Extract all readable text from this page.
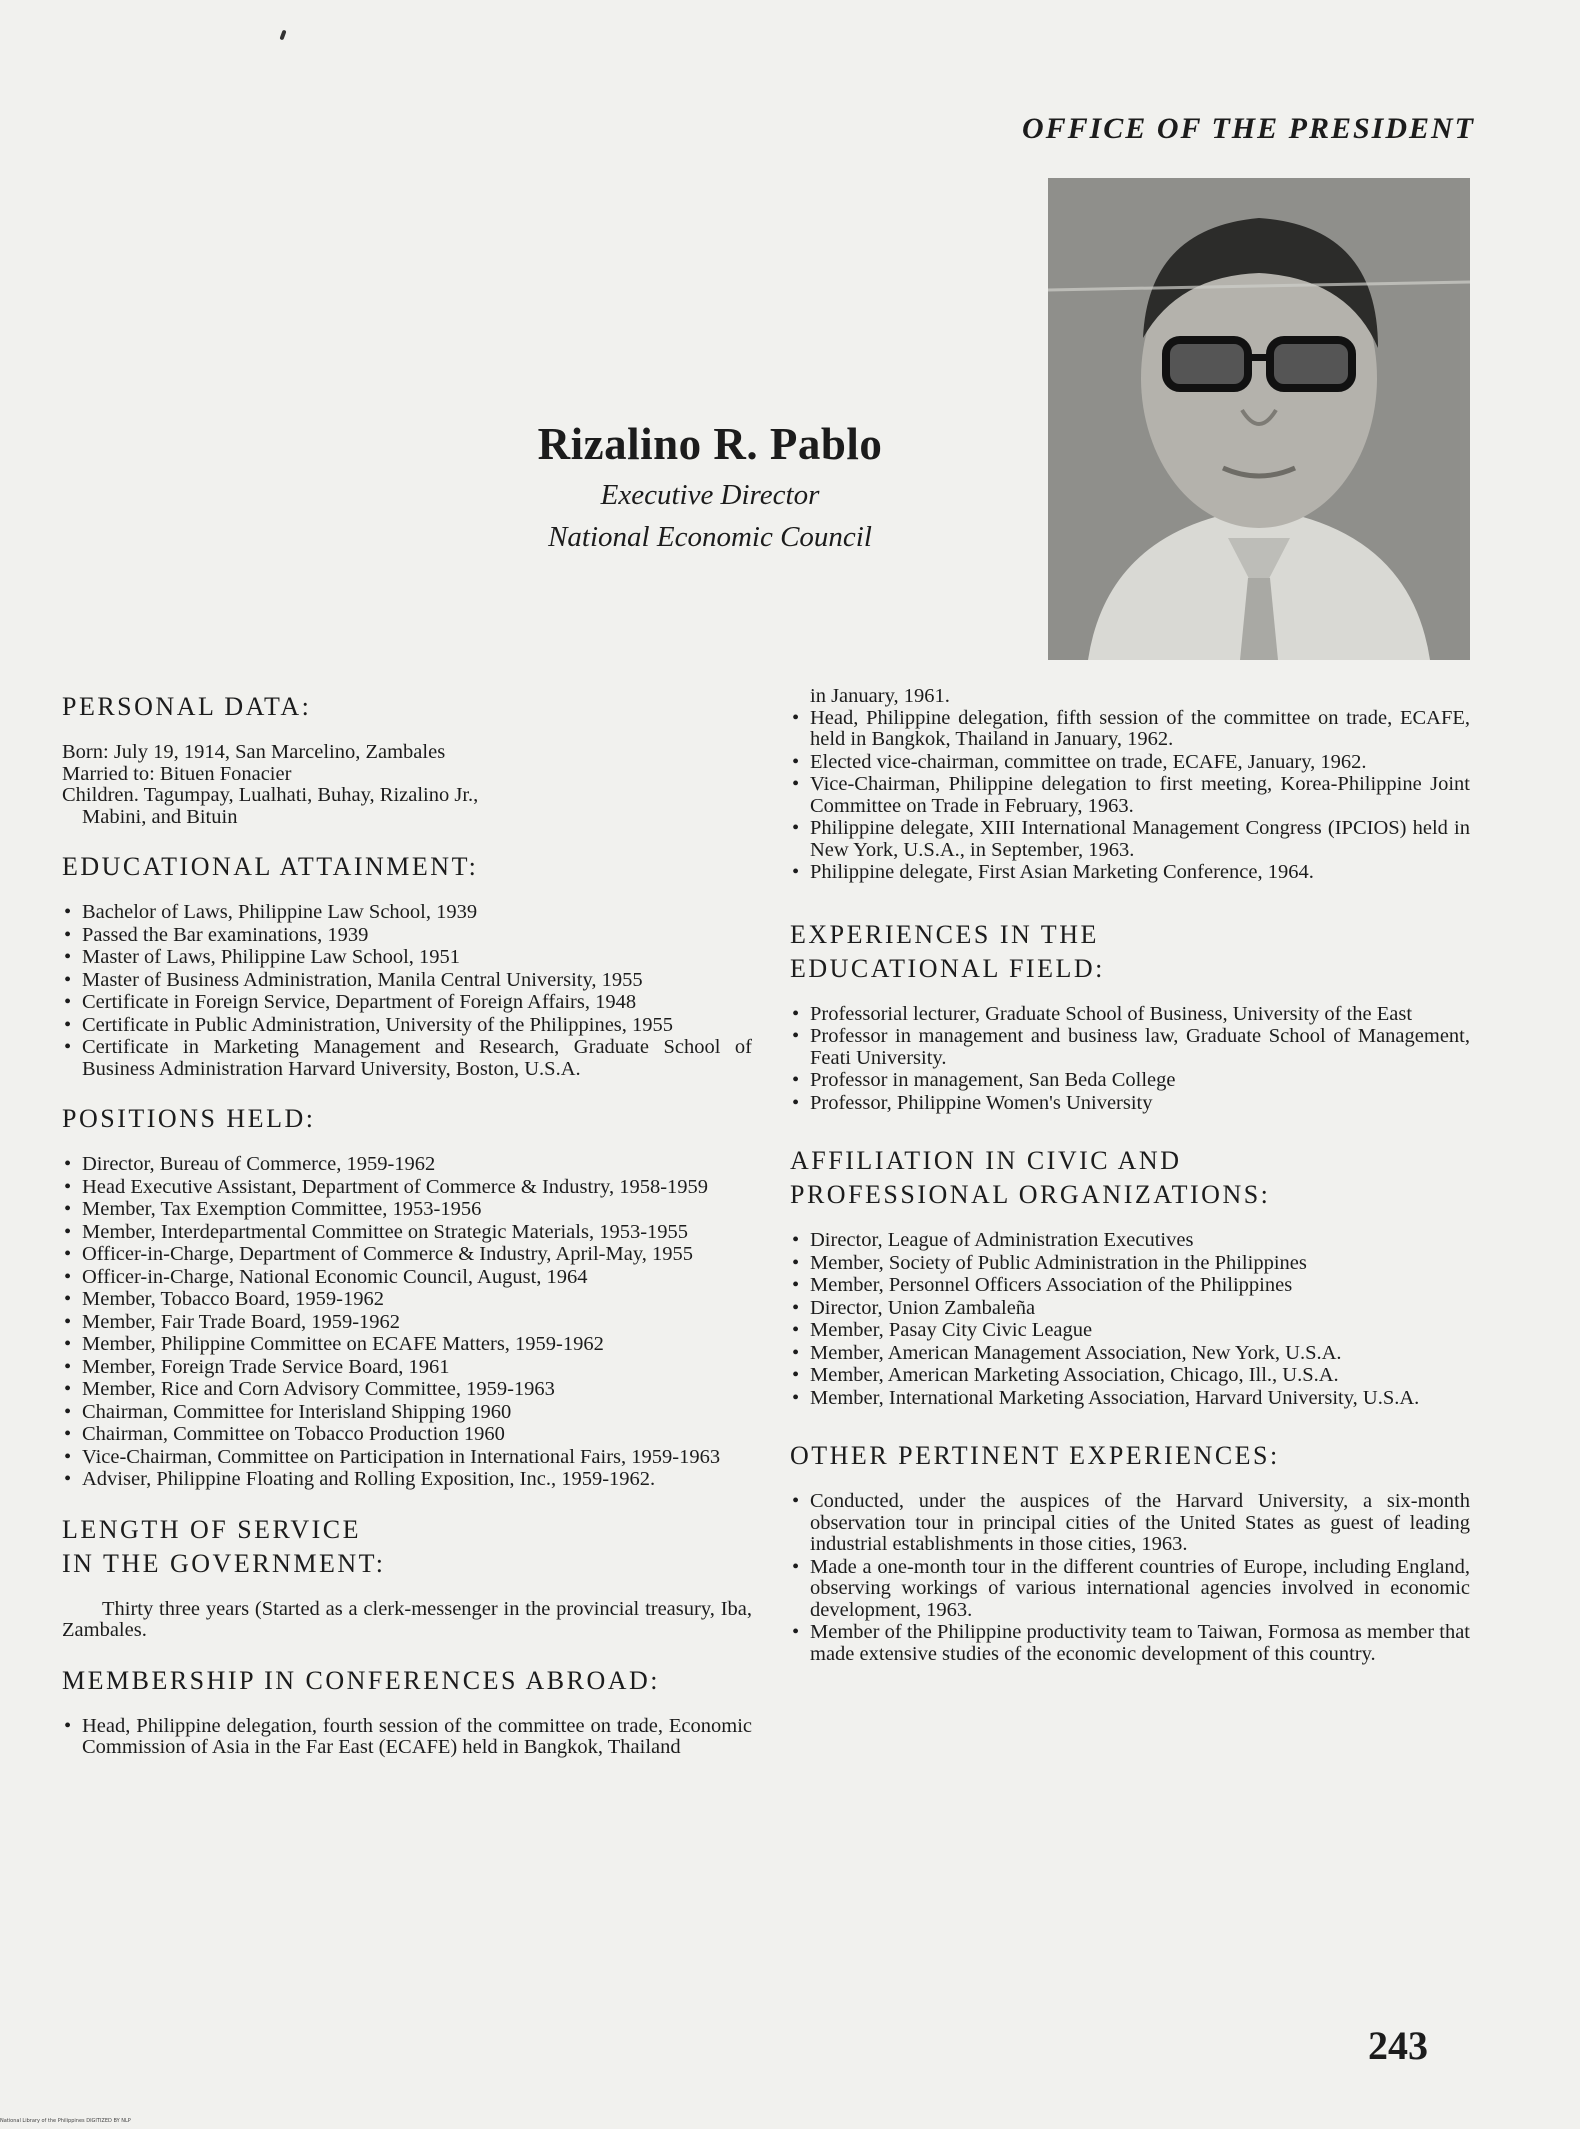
OFFICE OF THE PRESIDENT
Rizalino R. Pablo
Executive Director
National Economic Council
PERSONAL DATA:

Born: July 19, 1914, San Marcelino, Zambales

Married to: Bituen Fonacier

Children. Tagumpay, Lualhati, Buhay, Rizalino Jr.,

Mabini, and Bituin

EDUCATIONAL ATTAINMENT:
• Bachelor of Laws, Philippine Law School, 1939
• Passed the Bar examinations, 1939
• Master of Laws, Philippine Law School, 1951
• Master of Business Administration, Manila Central University, 1955
• Certificate in Foreign Service, Department of Foreign Affairs, 1948
• Certificate in Public Administration, University of the Philippines, 1955
• Certificate in Marketing Management and Research, Graduate School of Business Administration Harvard University, Boston, U.S.A.
POSITIONS HELD:
• Director, Bureau of Commerce, 1959-1962
• Head Executive Assistant, Department of Commerce & Industry, 1958-1959
• Member, Tax Exemption Committee, 1953-1956
• Member, Interdepartmental Committee on Strategic Materials, 1953-1955
• Officer-in-Charge, Department of Commerce & Industry, April-May, 1955
• Officer-in-Charge, National Economic Council, August, 1964
• Member, Tobacco Board, 1959-1962
• Member, Fair Trade Board, 1959-1962
• Member, Philippine Committee on ECAFE Matters, 1959-1962
• Member, Foreign Trade Service Board, 1961
• Member, Rice and Corn Advisory Committee, 1959-1963
• Chairman, Committee for Interisland Shipping 1960
• Chairman, Committee on Tobacco Production 1960
• Vice-Chairman, Committee on Participation in International Fairs, 1959-1963
• Adviser, Philippine Floating and Rolling Exposition, Inc., 1959-1962.
LENGTH OF SERVICE
IN THE GOVERNMENT:

Thirty three years (Started as a clerk-messenger in the provincial treasury, Iba, Zambales.

MEMBERSHIP IN CONFERENCES ABROAD:
• Head, Philippine delegation, fourth session of the committee on trade, Economic Commission of Asia in the Far East (ECAFE) held in Bangkok, Thailand

in January, 1961.

• Head, Philippine delegation, fifth session of the committee on trade, ECAFE, held in Bangkok, Thailand in January, 1962.
• Elected vice-chairman, committee on trade, ECAFE, January, 1962.
• Vice-Chairman, Philippine delegation to first meeting, Korea-Philippine Joint Committee on Trade in February, 1963.
• Philippine delegate, XIII International Management Congress (IPCIOS) held in New York, U.S.A., in September, 1963.
• Philippine delegate, First Asian Marketing Conference, 1964.
EXPERIENCES IN THE
EDUCATIONAL FIELD:
• Professorial lecturer, Graduate School of Business, University of the East
• Professor in management and business law, Graduate School of Management, Feati University.
• Professor in management, San Beda College
• Professor, Philippine Women's University
AFFILIATION IN CIVIC AND
PROFESSIONAL ORGANIZATIONS:
• Director, League of Administration Executives
• Member, Society of Public Administration in the Philippines
• Member, Personnel Officers Association of the Philippines
• Director, Union Zambaleña
• Member, Pasay City Civic League
• Member, American Management Association, New York, U.S.A.
• Member, American Marketing Association, Chicago, Ill., U.S.A.
• Member, International Marketing Association, Harvard University, U.S.A.
OTHER PERTINENT EXPERIENCES:
• Conducted, under the auspices of the Harvard University, a six-month observation tour in principal cities of the United States as guest of leading industrial establishments in those cities, 1963.
• Made a one-month tour in the different countries of Europe, including England, observing workings of various international agencies involved in economic development, 1963.
• Member of the Philippine productivity team to Taiwan, Formosa as member that made extensive studies of the economic development of this country.
243
National Library of the Philippines DIGITIZED BY NLP
